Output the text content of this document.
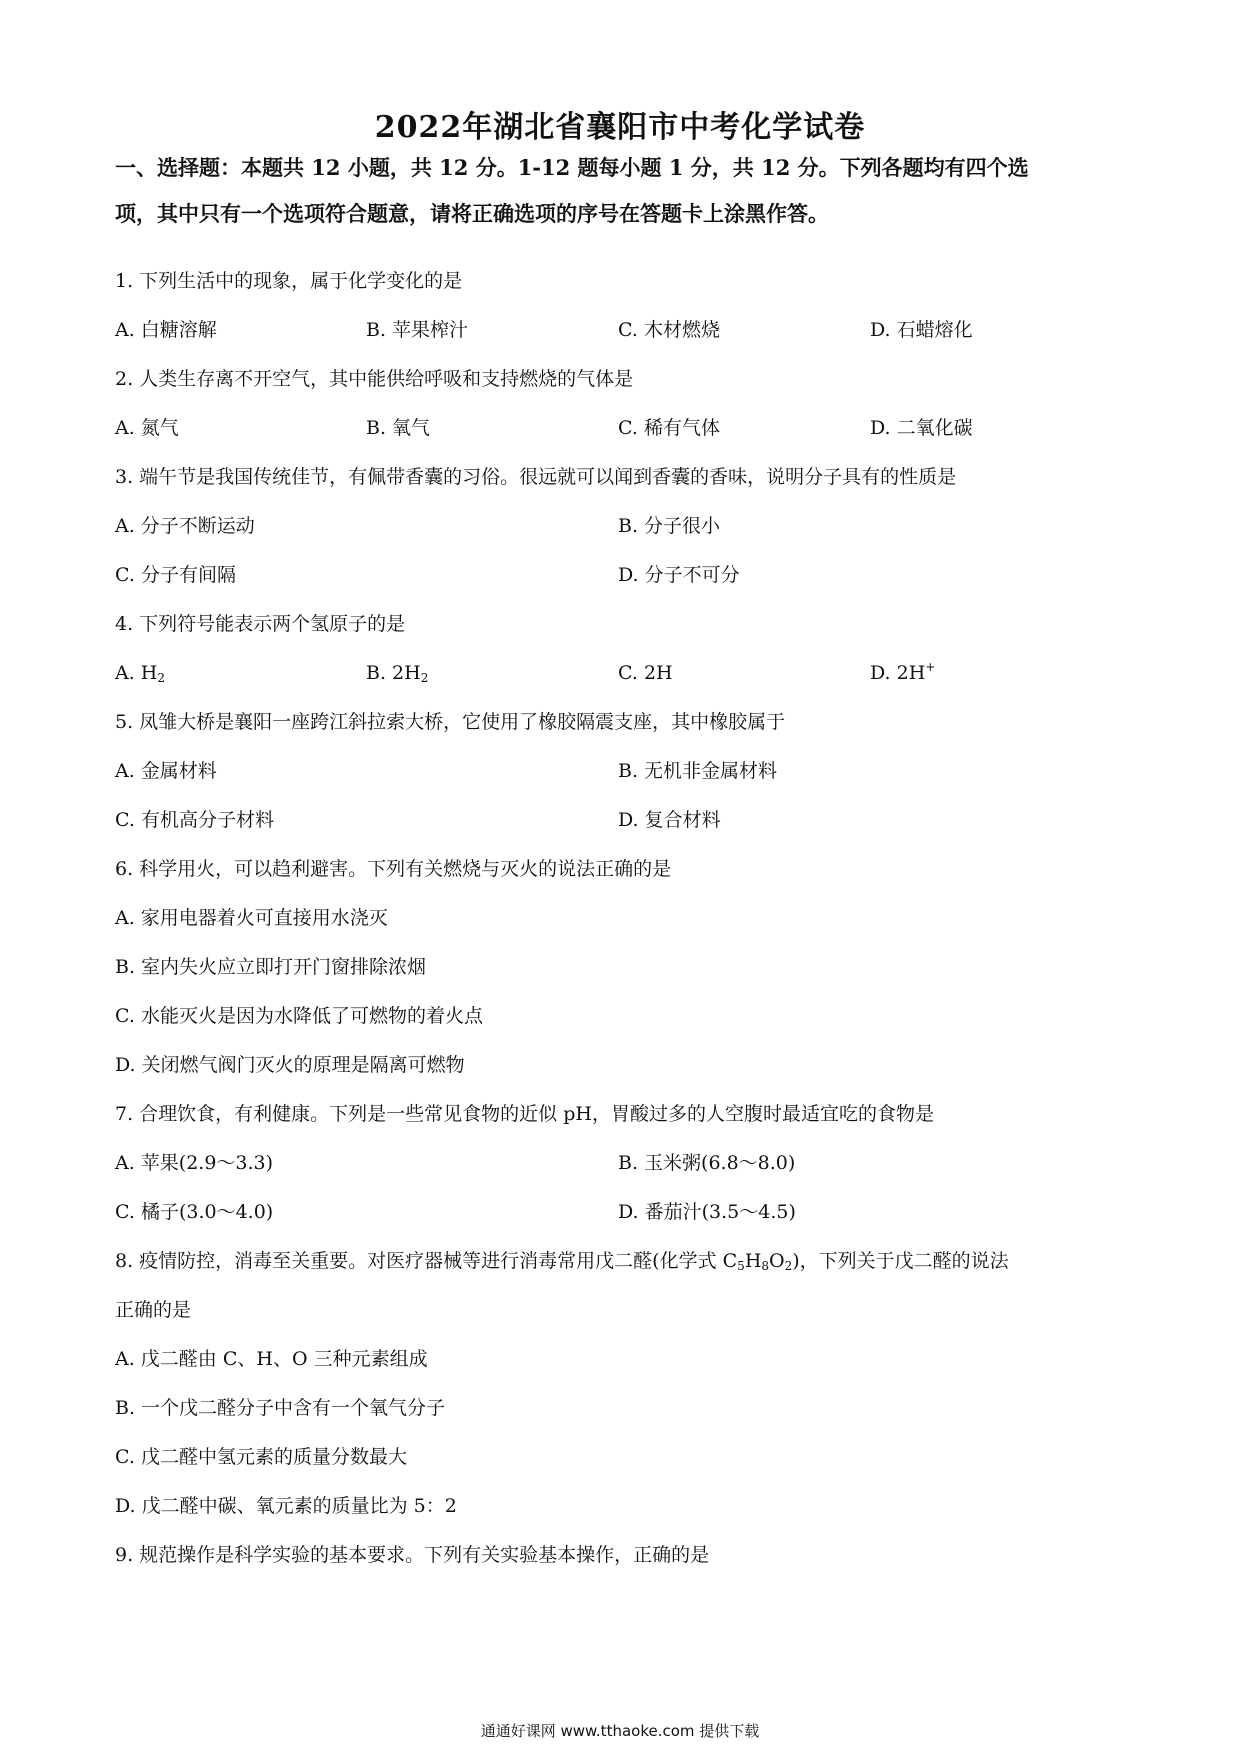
2022年湖北省襄阳市中考化学试卷
一、选择题：本题共 12 小题，共 12 分。1-12 题每小题 1 分，共 12 分。下列各题均有四个选
项，其中只有一个选项符合题意，请将正确选项的序号在答题卡上涂黑作答。
1. 下列生活中的现象，属于化学变化的是
A. 白糖溶解	B. 苹果榨汁	C. 木材燃烧	D. 石蜡熔化
2. 人类生存离不开空气，其中能供给呼吸和支持燃烧的气体是
A. 氮气	B. 氧气	C. 稀有气体	D. 二氧化碳
3. 端午节是我国传统佳节，有佩带香囊的习俗。很远就可以闻到香囊的香味，说明分子具有的性质是
A. 分子不断运动	B. 分子很小
C. 分子有间隔	D. 分子不可分
4. 下列符号能表示两个氢原子的是
A. $H_2$	B. $2H_2$	C. 2H	D. 2H+
5. 凤雏大桥是襄阳一座跨江斜拉索大桥，它使用了橡胶隔震支座，其中橡胶属于
A. 金属材料	B. 无机非金属材料
C. 有机高分子材料	D. 复合材料
6. 科学用火，可以趋利避害。下列有关燃烧与灭火的说法正确的是
A. 家用电器着火可直接用水浇灭
B. 室内失火应立即打开门窗排除浓烟
C. 水能灭火是因为水降低了可燃物的着火点
D. 关闭燃气阀门灭火的原理是隔离可燃物
7. 合理饮食，有利健康。下列是一些常见食物的近似 pH，胃酸过多的人空腹时最适宜吃的食物是
A. 苹果(2.9～3.3)	B. 玉米粥(6.8～8.0)
C. 橘子(3.0～4.0)	D. 番茄汁(3.5～4.5)
8. 疫情防控，消毒至关重要。对医疗器械等进行消毒常用戊二醛(化学式 $C_5H_8O_2$)，下列关于戊二醛的说法
正确的是
A. 戊二醛由 C、H、O 三种元素组成
B. 一个戊二醛分子中含有一个氧气分子
C. 戊二醛中氢元素的质量分数最大
D. 戊二醛中碳、氧元素的质量比为 5：2
9. 规范操作是科学实验的基本要求。下列有关实验基本操作，正确的是
通通好课网 www.tthaoke.com 提供下载
